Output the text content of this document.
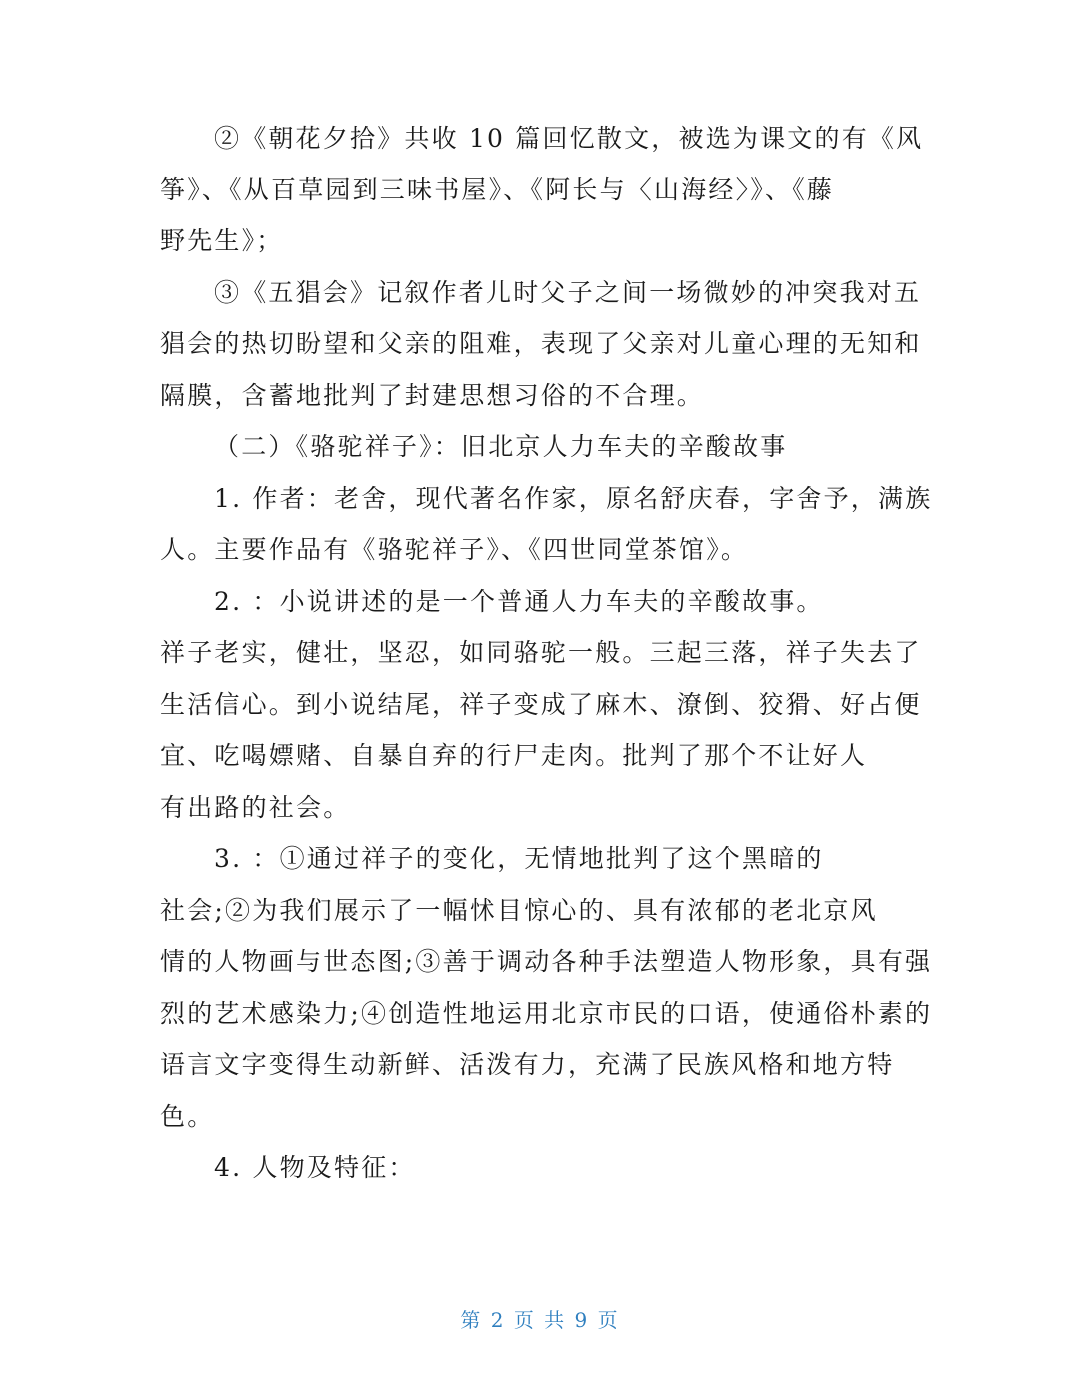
②《朝花夕拾》共收 10 篇回忆散文，被选为课文的有《风
筝》、《从百草园到三味书屋》、《阿长与〈山海经〉》、《藤
野先生》；
③《五猖会》记叙作者儿时父子之间一场微妙的冲突我对五
猖会的热切盼望和父亲的阻难，表现了父亲对儿童心理的无知和
隔膜，含蓄地批判了封建思想习俗的不合理。
（二）《骆驼祥子》：旧北京人力车夫的辛酸故事
1. 作者：老舍，现代著名作家，原名舒庆春，字舍予，满族
人。主要作品有《骆驼祥子》、《四世同堂茶馆》。
2. ：小说讲述的是一个普通人力车夫的辛酸故事。
祥子老实，健壮，坚忍，如同骆驼一般。三起三落，祥子失去了
生活信心。到小说结尾，祥子变成了麻木、潦倒、狡猾、好占便
宜、吃喝嫖赌、自暴自弃的行尸走肉。批判了那个不让好人
有出路的社会。
3. ：①通过祥子的变化，无情地批判了这个黑暗的
社会;②为我们展示了一幅怵目惊心的、具有浓郁的老北京风
情的人物画与世态图;③善于调动各种手法塑造人物形象，具有强
烈的艺术感染力;④创造性地运用北京市民的口语，使通俗朴素的
语言文字变得生动新鲜、活泼有力，充满了民族风格和地方特
色。
4. 人物及特征：
第 2 页 共 9 页
